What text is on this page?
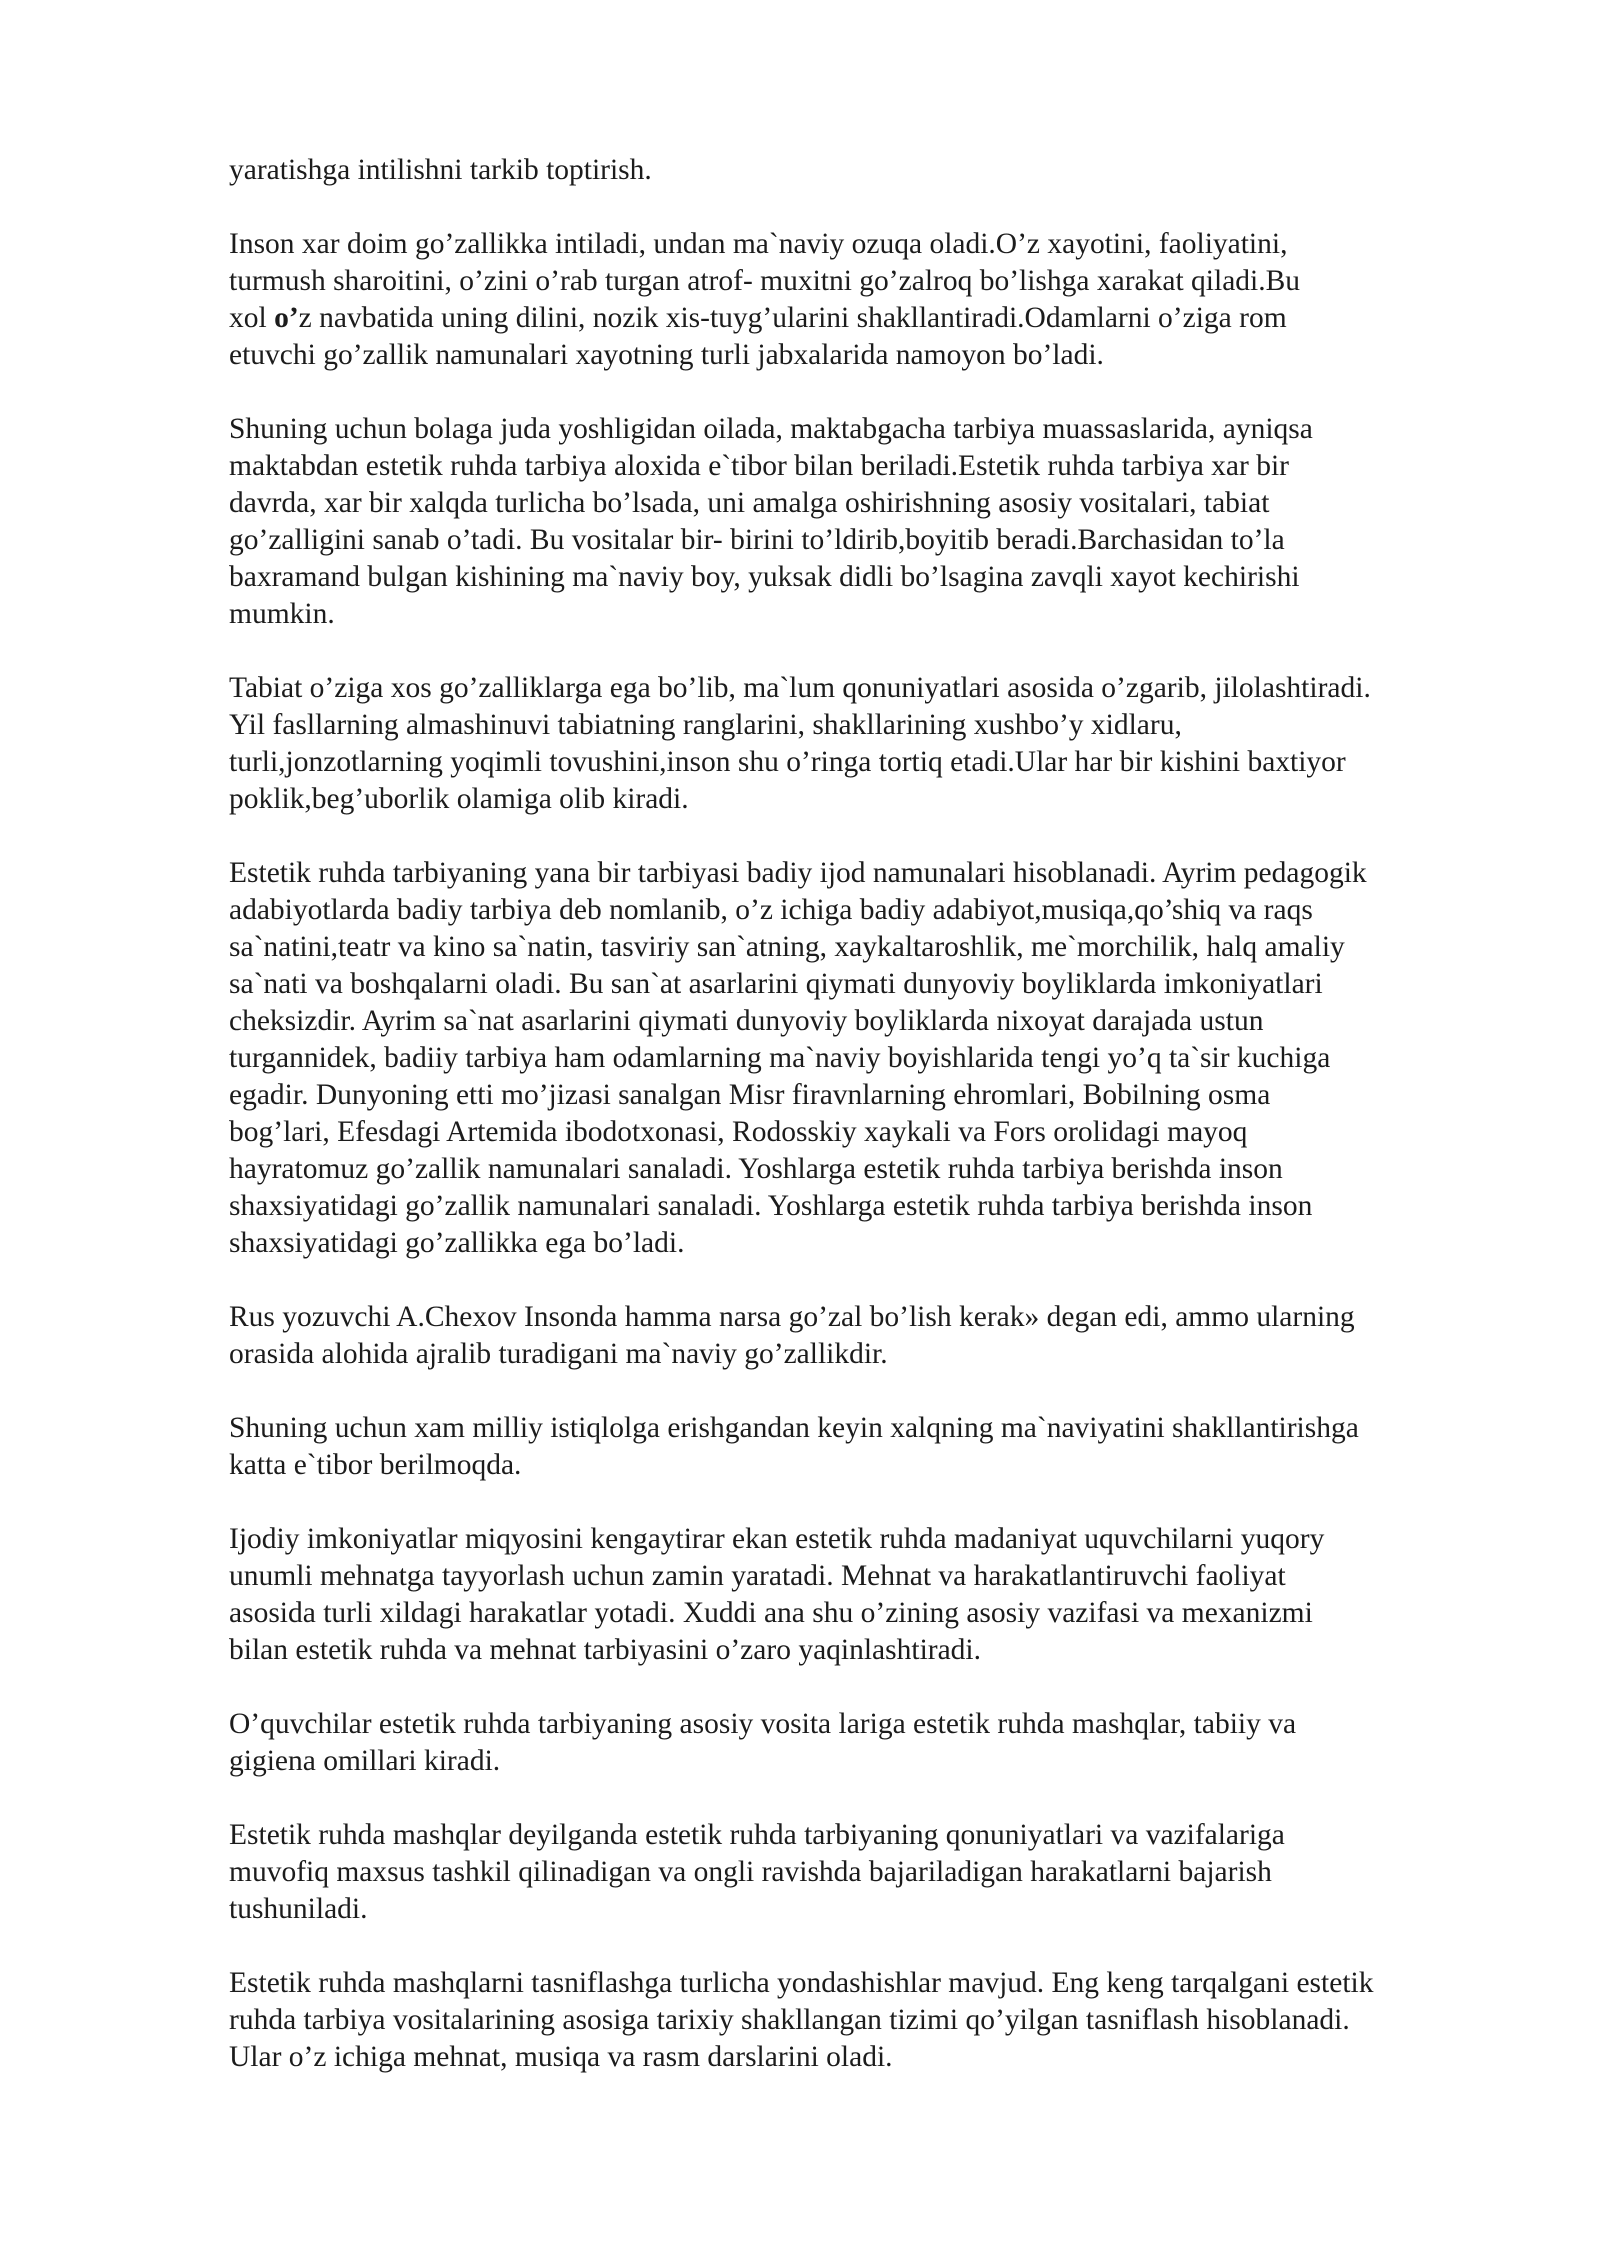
yaratishga intilishni tarkib toptirish.

Inson xar doim go’zallikka intiladi, undan ma`naviy ozuqa oladi.O’z xayotini, faoliyatini,
turmush sharoitini, o’zini o’rab turgan atrof- muxitni go’zalroq bo’lishga xarakat qiladi.Bu
xol o’z navbatida uning dilini, nozik xis-tuyg’ularini shakllantiradi.Odamlarni o’ziga rom
etuvchi go’zallik namunalari xayotning turli jabxalarida namoyon bo’ladi.

Shuning uchun bolaga juda yoshligidan oilada, maktabgacha tarbiya muassaslarida, ayniqsa
maktabdan estetik ruhda tarbiya aloxida e`tibor bilan beriladi.Estetik ruhda tarbiya xar bir
davrda, xar bir xalqda turlicha bo’lsada, uni amalga oshirishning asosiy vositalari, tabiat
go’zalligini sanab o’tadi. Bu vositalar bir- birini to’ldirib,boyitib beradi.Barchasidan to’la
baxramand bulgan kishining ma`naviy boy, yuksak didli bo’lsagina zavqli xayot kechirishi
mumkin.

Tabiat o’ziga xos go’zalliklarga ega bo’lib, ma`lum qonuniyatlari asosida o’zgarib, jilolashtiradi.
Yil fasllarning almashinuvi tabiatning ranglarini, shakllarining xushbo’y xidlaru,
turli,jonzotlarning yoqimli tovushini,inson shu o’ringa tortiq etadi.Ular har bir kishini baxtiyor
poklik,beg’uborlik olamiga olib kiradi.

Estetik ruhda tarbiyaning yana bir tarbiyasi badiy ijod namunalari hisoblanadi. Ayrim pedagogik
adabiyotlarda badiy tarbiya deb nomlanib, o’z ichiga badiy adabiyot,musiqa,qo’shiq va raqs
sa`natini,teatr va kino sa`natin, tasviriy san`atning, xaykaltaroshlik, me`morchilik, halq amaliy
sa`nati va boshqalarni oladi. Bu san`at asarlarini qiymati dunyoviy boyliklarda imkoniyatlari
cheksizdir. Ayrim sa`nat asarlarini qiymati dunyoviy boyliklarda nixoyat darajada ustun
turgannidek, badiiy tarbiya ham odamlarning ma`naviy boyishlarida tengi yo’q ta`sir kuchiga
egadir. Dunyoning etti mo’jizasi sanalgan Misr firavnlarning ehromlari, Bobilning osma
bog’lari, Efesdagi Artemida ibodotxonasi, Rodosskiy xaykali va Fors orolidagi mayoq
hayratomuz go’zallik namunalari sanaladi. Yoshlarga estetik ruhda tarbiya berishda inson
shaxsiyatidagi go’zallik namunalari sanaladi. Yoshlarga estetik ruhda tarbiya berishda inson
shaxsiyatidagi go’zallikka ega bo’ladi.

Rus yozuvchi A.Chexov Insonda hamma narsa go’zal bo’lish kerak» degan edi, ammo ularning
orasida alohida ajralib turadigani ma`naviy go’zallikdir.

Shuning uchun xam milliy istiqlolga erishgandan keyin xalqning ma`naviyatini shakllantirishga
katta e`tibor berilmoqda.

Ijodiy imkoniyatlar miqyosini kengaytirar ekan estetik ruhda madaniyat uquvchilarni yuqory
unumli mehnatga tayyorlash uchun zamin yaratadi. Mehnat va harakatlantiruvchi faoliyat
asosida turli xildagi harakatlar yotadi. Xuddi ana shu o’zining asosiy vazifasi va mexanizmi
bilan estetik ruhda va mehnat tarbiyasini o’zaro yaqinlashtiradi.

O’quvchilar estetik ruhda tarbiyaning asosiy vosita lariga estetik ruhda mashqlar, tabiiy va
gigiena omillari kiradi.

Estetik ruhda mashqlar deyilganda estetik ruhda tarbiyaning qonuniyatlari va vazifalariga
muvofiq maxsus tashkil qilinadigan va ongli ravishda bajariladigan harakatlarni bajarish
tushuniladi.

Estetik ruhda mashqlarni tasniflashga turlicha yondashishlar mavjud. Eng keng tarqalgani estetik
ruhda tarbiya vositalarining asosiga tarixiy shakllangan tizimi qo’yilgan tasniflash hisoblanadi.
Ular o’z ichiga mehnat, musiqa va rasm darslarini oladi.
